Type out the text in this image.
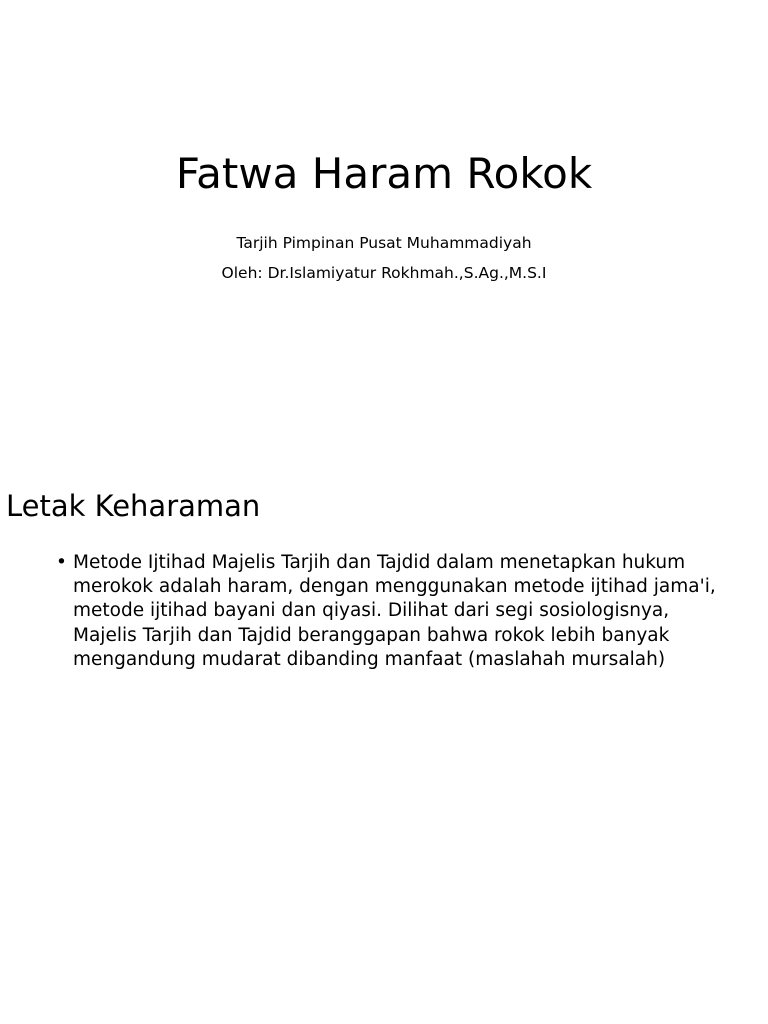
Fatwa Haram Rokok
Tarjih Pimpinan Pusat Muhammadiyah
Oleh: Dr.Islamiyatur Rokhmah.,S.Ag.,M.S.I
Letak Keharaman
• Metode Ijtihad Majelis Tarjih dan Tajdid dalam menetapkan hukum merokok adalah haram, dengan menggunakan metode ijtihad jama'i, metode ijtihad bayani dan qiyasi. Dilihat dari segi sosiologisnya, Majelis Tarjih dan Tajdid beranggapan bahwa rokok lebih banyak mengandung mudarat dibanding manfaat (maslahah mursalah)
